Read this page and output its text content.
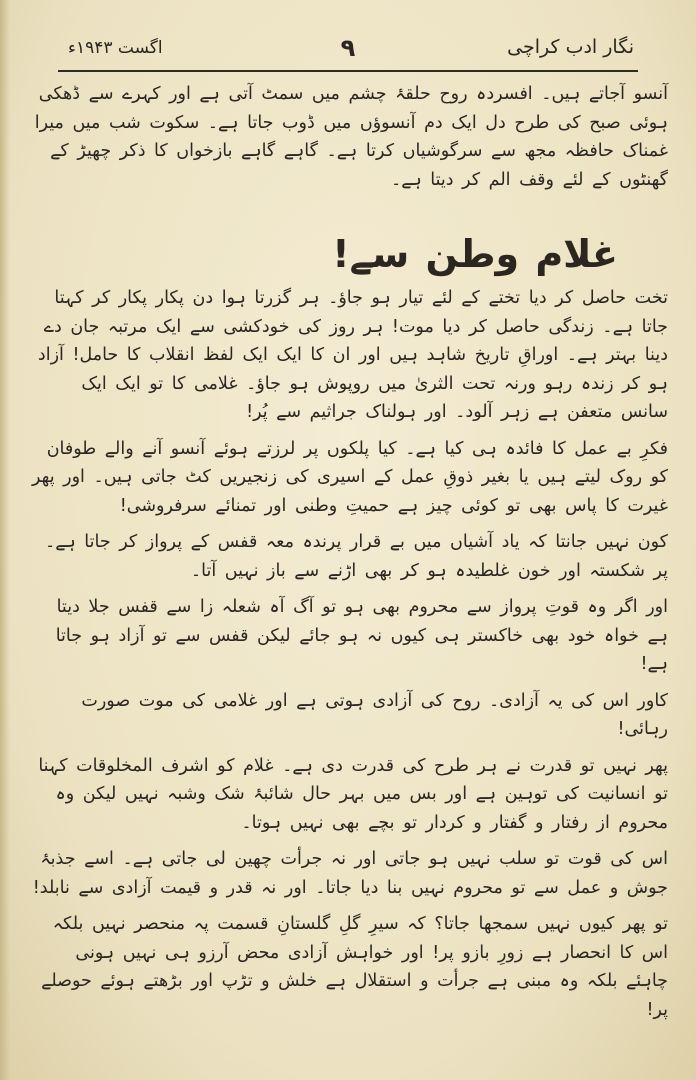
نگار ادب کراچی
۹
اگست ۱۹۴۳ء

آنسو آجاتے ہیں۔ افسردہ روح حلقۂ چشم میں سمٹ آتی ہے اور کہرے سے ڈھکی ہوئی صبح کی طرح دل ایک دم آنسوؤں میں ڈوب جاتا ہے۔ سکوت شب میں میرا غمناک حافظہ مجھ سے سرگوشیاں کرتا ہے۔ گاہے گاہے بازخواں کا ذکر چھیڑ کے گھنٹوں کے لئے وقف الم کر دیتا ہے۔

غلام وطن سے!

تخت حاصل کر دیا تختے کے لئے تیار ہو جاؤ۔ ہر گزرتا ہوا دن پکار پکار کر کہتا جاتا ہے۔ زندگی حاصل کر دیا موت! ہر روز کی خودکشی سے ایک مرتبہ جان دے دینا بہتر ہے۔ اوراقِ تاریخ شاہد ہیں اور ان کا ایک ایک لفظ انقلاب کا حامل! آزاد ہو کر زندہ رہو ورنہ تحت الثریٰ میں روپوش ہو جاؤ۔ غلامی کا تو ایک ایک سانس متعفن ہے زہر آلود۔ اور ہولناک جراثیم سے پُر!

فکرِ بے عمل کا فائدہ ہی کیا ہے۔ کیا پلکوں پر لرزتے ہوئے آنسو آنے والے طوفان کو روک لیتے ہیں یا بغیر ذوقِ عمل کے اسیری کی زنجیریں کٹ جاتی ہیں۔ اور پھر غیرت کا پاس بھی تو کوئی چیز ہے حمیتِ وطنی اور تمنائے سرفروشی!

کون نہیں جانتا کہ یاد آشیاں میں بے قرار پرندہ معہ قفس کے پرواز کر جاتا ہے۔ پر شکستہ اور خون غلطیدہ ہو کر بھی اڑنے سے باز نہیں آتا۔

اور اگر وہ قوتِ پرواز سے محروم بھی ہو تو آگ آہ شعلہ زا سے قفس جلا دیتا ہے خواہ خود بھی خاکستر ہی کیوں نہ ہو جائے لیکن قفس سے تو آزاد ہو جاتا ہے!

کاور اس کی یہ آزادی۔ روح کی آزادی ہوتی ہے اور غلامی کی موت صورت رہائی!

پھر نہیں تو قدرت نے ہر طرح کی قدرت دی ہے۔ غلام کو اشرف المخلوقات کہنا تو انسانیت کی توہین ہے اور بس میں بہر حال شائبۂ شک وشبہ نہیں لیکن وہ محروم از رفتار و گفتار و کردار تو بچے بھی نہیں ہوتا۔

اس کی قوت تو سلب نہیں ہو جاتی اور نہ جرأت چھین لی جاتی ہے۔ اسے جذبۂ جوش و عمل سے تو محروم نہیں بنا دیا جاتا۔ اور نہ قدر و قیمت آزادی سے نابلد!

تو پھر کیوں نہیں سمجھا جاتا؟ کہ سیرِ گلِ گلستانِ قسمت پہ منحصر نہیں بلکہ اس کا انحصار ہے زورِ بازو پر! اور خواہش آزادی محض آرزو ہی نہیں ہونی چاہئے بلکہ وہ مبنی ہے جرأت و استقلال ہے خلش و تڑپ اور بڑھتے ہوئے حوصلے پر!
